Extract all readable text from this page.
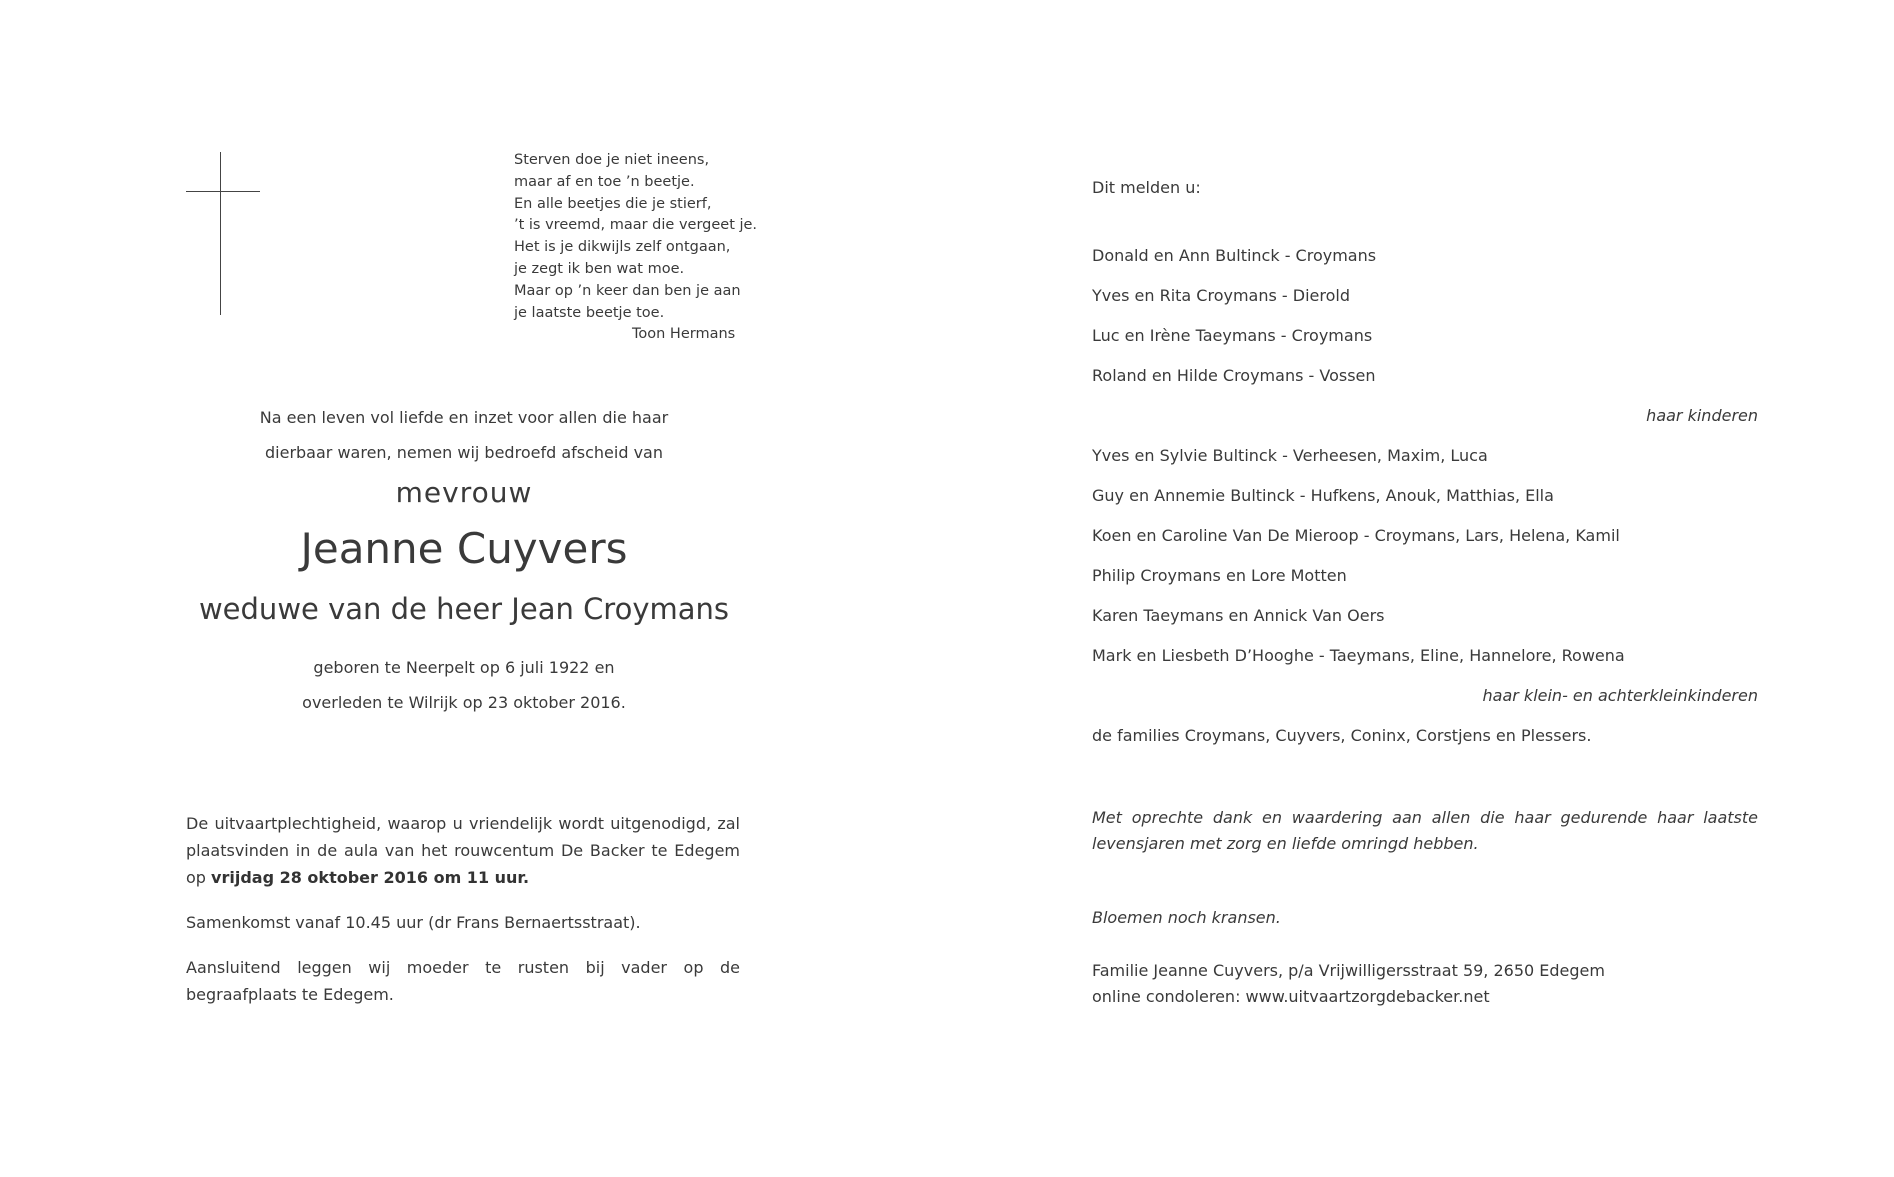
Sterven doe je niet ineens,
maar af en toe ’n beetje.
En alle beetjes die je stierf,
’t is vreemd, maar die vergeet je.
Het is je dikwijls zelf ontgaan,
je zegt ik ben wat moe.
Maar op ’n keer dan ben je aan
je laatste beetje toe.
Toon Hermans
Na een leven vol liefde en inzet voor allen die haar
dierbaar waren, nemen wij bedroefd afscheid van
mevrouw
Jeanne Cuyvers
weduwe van de heer Jean Croymans
geboren te Neerpelt op 6 juli 1922 en
overleden te Wilrijk op 23 oktober 2016.

De uitvaartplechtigheid, waarop u vriendelijk wordt uitgenodigd, zal plaatsvinden in de aula van het rouwcentum De Backer te Edegem op vrijdag 28 oktober 2016 om 11 uur.

Samenkomst vanaf 10.45 uur (dr Frans Bernaertsstraat).

Aansluitend leggen wij moeder te rusten bij vader op de begraafplaats te Edegem.

Dit melden u:
Donald en Ann Bultinck - Croymans
Yves en Rita Croymans - Dierold
Luc en Irène Taeymans - Croymans
Roland en Hilde Croymans - Vossen
haar kinderen
Yves en Sylvie Bultinck - Verheesen, Maxim, Luca
Guy en Annemie Bultinck - Hufkens, Anouk, Matthias, Ella
Koen en Caroline Van De Mieroop - Croymans, Lars, Helena, Kamil
Philip Croymans en Lore Motten
Karen Taeymans en Annick Van Oers
Mark en Liesbeth D’Hooghe - Taeymans, Eline, Hannelore, Rowena
haar klein- en achterkleinkinderen
de families Croymans, Cuyvers, Coninx, Corstjens en Plessers.
Met oprechte dank en waardering aan allen die haar gedurende haar laatste levensjaren met zorg en liefde omringd hebben.
Bloemen noch kransen.
Familie Jeanne Cuyvers, p/a Vrijwilligersstraat 59, 2650 Edegem
online condoleren: www.uitvaartzorgdebacker.net
